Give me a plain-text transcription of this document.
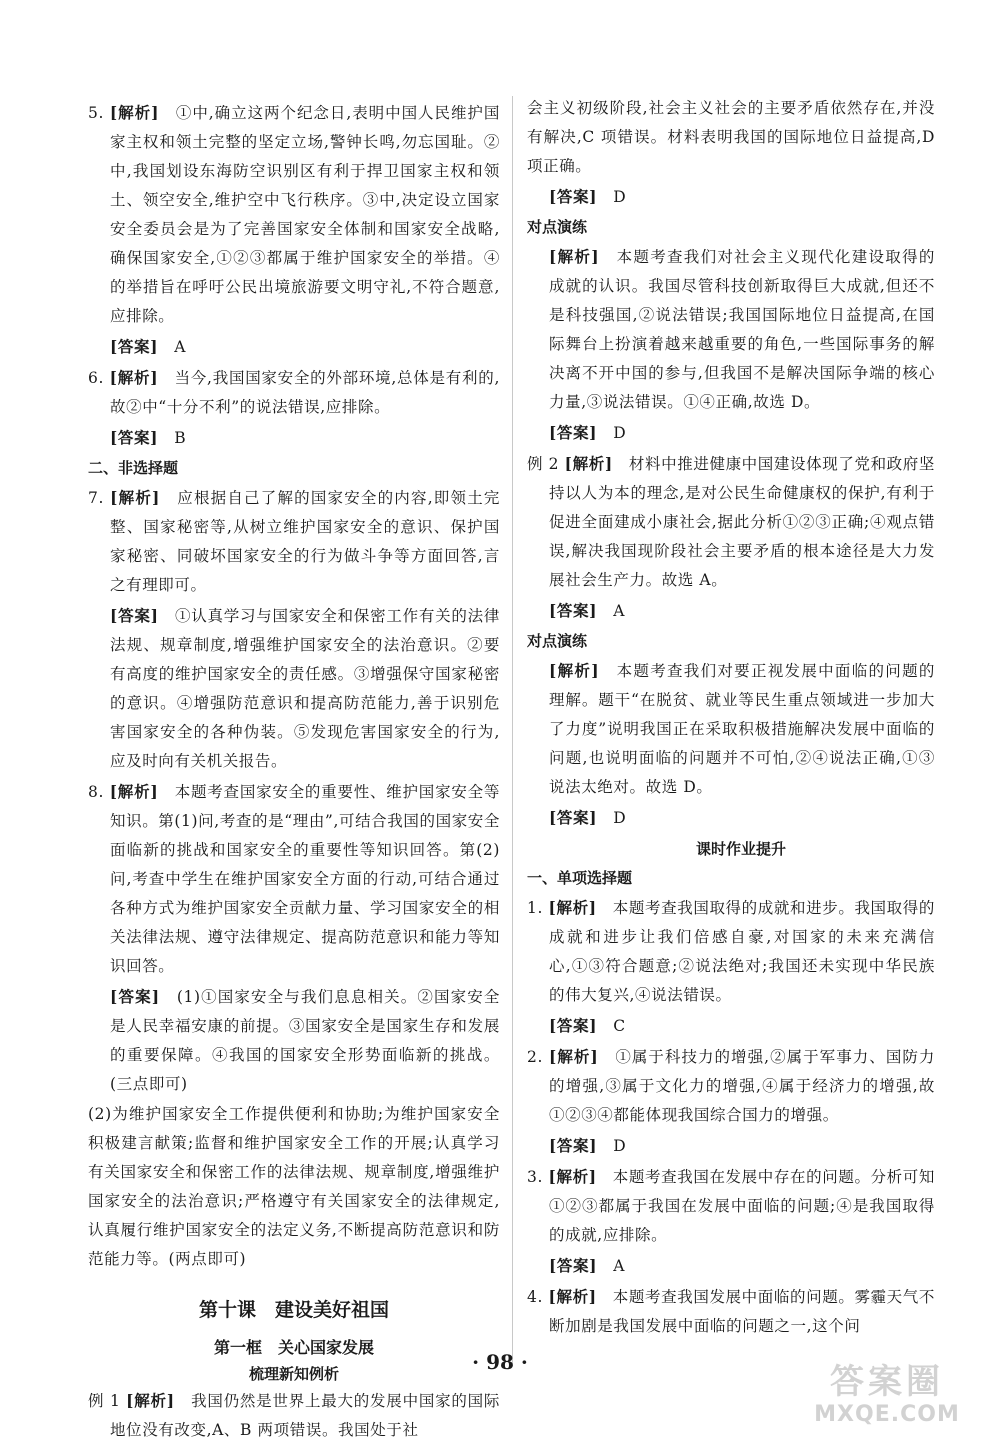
5. [解析]　 ①中,确立这两个纪念日,表明中国人民维护国家主权和领土完整的坚定立场,警钟长鸣,勿忘国耻。②中,我国划设东海防空识别区有利于捍卫国家主权和领土、领空安全,维护空中飞行秩序。③中,决定设立国家安全委员会是为了完善国家安全体制和国家安全战略,确保国家安全,①②③都属于维护国家安全的举措。④的举措旨在呼吁公民出境旅游要文明守礼,不符合题意,应排除。

[答案]　 A

6. [解析]　 当今,我国国家安全的外部环境,总体是有利的,故②中“十分不利”的说法错误,应排除。

[答案]　 B

二、非选择题

7. [解析]　 应根据自己了解的国家安全的内容,即领土完整、国家秘密等,从树立维护国家安全的意识、保护国家秘密、同破坏国家安全的行为做斗争等方面回答,言之有理即可。

[答案]　 ①认真学习与国家安全和保密工作有关的法律法规、规章制度,增强维护国家安全的法治意识。②要有高度的维护国家安全的责任感。③增强保守国家秘密的意识。④增强防范意识和提高防范能力,善于识别危害国家安全的各种伪装。⑤发现危害国家安全的行为,应及时向有关机关报告。

8. [解析]　 本题考查国家安全的重要性、维护国家安全等知识。第(1)问,考查的是“理由”,可结合我国的国家安全面临新的挑战和国家安全的重要性等知识回答。第(2)问,考查中学生在维护国家安全方面的行动,可结合通过各种方式为维护国家安全贡献力量、学习国家安全的相关法律法规、遵守法律规定、提高防范意识和能力等知识回答。

[答案]　 (1)①国家安全与我们息息相关。②国家安全是人民幸福安康的前提。③国家安全是国家生存和发展的重要保障。④我国的国家安全形势面临新的挑战。(三点即可)

(2)为维护国家安全工作提供便利和协助;为维护国家安全积极建言献策;监督和维护国家安全工作的开展;认真学习有关国家安全和保密工作的法律法规、规章制度,增强维护国家安全的法治意识;严格遵守有关国家安全的法律规定,认真履行维护国家安全的法定义务,不断提高防范意识和防范能力等。(两点即可)

第十课　建设美好祖国

第一框　关心国家发展

梳理新知例析

例 1 [解析]　 我国仍然是世界上最大的发展中国家的国际地位没有改变,A、B 两项错误。我国处于社

会主义初级阶段,社会主义社会的主要矛盾依然存在,并没有解决,C 项错误。材料表明我国的国际地位日益提高,D 项正确。

[答案]　 D

对点演练

[解析]　 本题考查我们对社会主义现代化建设取得的成就的认识。我国尽管科技创新取得巨大成就,但还不是科技强国,②说法错误;我国国际地位日益提高,在国际舞台上扮演着越来越重要的角色,一些国际事务的解决离不开中国的参与,但我国不是解决国际争端的核心力量,③说法错误。①④正确,故选 D。

[答案]　 D

例 2 [解析]　 材料中推进健康中国建设体现了党和政府坚持以人为本的理念,是对公民生命健康权的保护,有利于促进全面建成小康社会,据此分析①②③正确;④观点错误,解决我国现阶段社会主要矛盾的根本途径是大力发展社会生产力。故选 A。

[答案]　 A

对点演练

[解析]　 本题考查我们对要正视发展中面临的问题的理解。题干“在脱贫、就业等民生重点领域进一步加大了力度”说明我国正在采取积极措施解决发展中面临的问题,也说明面临的问题并不可怕,②④说法正确,①③说法太绝对。故选 D。

[答案]　 D

课时作业提升

一、单项选择题

1. [解析]　 本题考查我国取得的成就和进步。我国取得的成就和进步让我们倍感自豪,对国家的未来充满信心,①③符合题意;②说法绝对;我国还未实现中华民族的伟大复兴,④说法错误。

[答案]　 C

2. [解析]　 ①属于科技力的增强,②属于军事力、国防力的增强,③属于文化力的增强,④属于经济力的增强,故①②③④都能体现我国综合国力的增强。

[答案]　 D

3. [解析]　 本题考查我国在发展中存在的问题。分析可知①②③都属于我国在发展中面临的问题;④是我国取得的成就,应排除。

[答案]　 A

4. [解析]　 本题考查我国发展中面临的问题。雾霾天气不断加剧是我国发展中面临的问题之一,这个问

· 98 ·	答案圈
MXQE.COM
